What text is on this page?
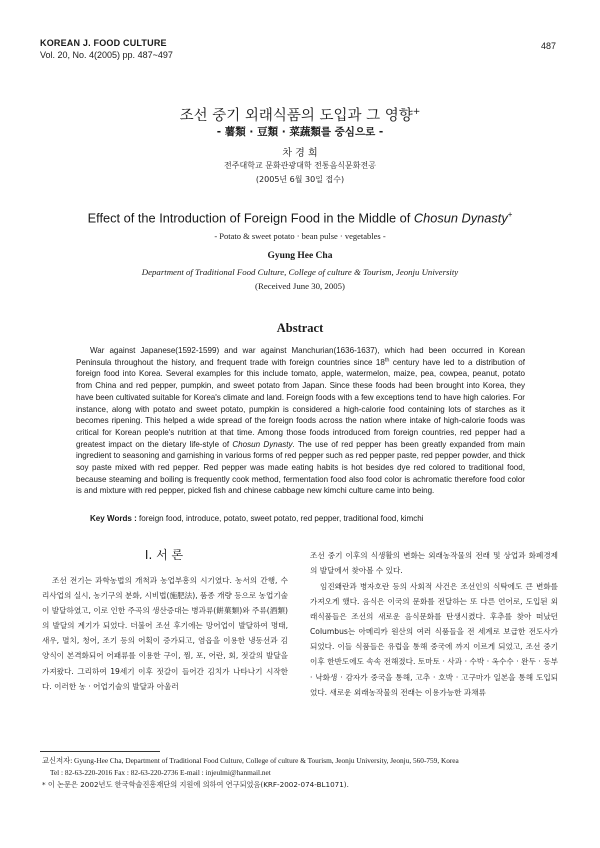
KOREAN J. FOOD CULTURE
Vol. 20, No. 4(2005) pp. 487~497
487
조선 중기 외래식품의 도입과 그 영향+
- 薯類 · 豆類 · 菜蔬類를 중심으로 -
차 경 희
전주대학교 문화관광대학 전통음식문화전공
(2005년 6월 30일 접수)
Effect of the Introduction of Foreign Food in the Middle of Chosun Dynasty+
- Potato & sweet potato · bean pulse · vegetables -
Gyung Hee Cha
Department of Traditional Food Culture, College of culture & Tourism, Jeonju University
(Received June 30, 2005)
Abstract

War against Japanese(1592-1599) and war against Manchurian(1636-1637), which had been occurred in Korean Peninsula throughout the history, and frequent trade with foreign countries since 18th century have led to a distribution of foreign food into Korea. Several examples for this include tomato, apple, watermelon, maize, pea, cowpea, peanut, potato from China and red pepper, pumpkin, and sweet potato from Japan. Since these foods had been brought into Korea, they have been cultivated suitable for Korea's climate and land. Foreign foods with a few exceptions tend to have high calories. For instance, along with potato and sweet potato, pumpkin is considered a high-calorie food containing lots of starches as it becomes ripening. This helped a wide spread of the foreign foods across the nation where intake of high-calorie foods was critical for Korean people's nutrition at that time. Among those foods introduced from foreign countries, red pepper had a greatest impact on the dietary life-style of Chosun Dynasty. The use of red pepper has been greatly expanded from main ingredient to seasoning and garnishing in various forms of red pepper such as red pepper paste, red pepper powder, and thick soy paste mixed with red pepper. Red pepper was made eating habits is hot besides dye red colored to traditional food, because steaming and boiling is frequently cook method, fermentation food also food color is achromatic therefore food color is and mixture with red pepper, picked fish and chinese cabbage new kimchi culture came into being.

Key Words : foreign food, introduce, potato, sweet potato, red pepper, traditional food, kimchi
I. 서 론

조선 전기는 과학농법의 개척과 농업부흥의 시기였다. 농서의 간행, 수리사업의 실시, 농기구의 분화, 시비법(施肥法), 품종 개량 등으로 농업기술이 발달하였고, 이로 인한 주곡의 생산증대는 병과류(餠菓類)와 주류(酒類)의 발달의 계기가 되었다. 더불어 조선 후기에는 망어업이 발달하여 명태, 새우, 멸치, 청어, 조기 등의 어획이 증가되고, 염읍을 이용한 냉동선과 김 양식이 본격화되어 어패류를 이용한 구이, 찜, 포, 어란, 회, 젓갈의 발달을 가져왔다. 그리하여 19세기 이후 젓갈이 들어간 김치가 나타나기 시작한다. 이러한 농 · 어업기술의 발달과 아울러

조선 중기 이후의 식생활의 변화는 외래농작물의 전래 및 상업과 화폐경제의 발달에서 찾아볼 수 있다.

임진왜란과 병자호란 등의 사회적 사건은 조선인의 식탁에도 큰 변화를 가져오게 했다. 음식은 이국의 문화를 전달하는 또 다른 언어로, 도입된 외래식품들은 조선의 새로운 음식문화를 탄생시켰다. 후추를 찾아 떠났던 Columbus는 아메리카 원산의 여러 식품들을 전 세계로 보급한 전도사가 되었다. 이들 식품들은 유럽을 통해 중국에 까지 이르게 되었고, 조선 중기 이후 한반도에도 속속 전해졌다. 토마토 · 사과 · 수박 · 옥수수 · 완두 · 동부 · 낙화생 · 감자가 중국을 통해, 고추 · 호박 · 고구마가 일본을 통해 도입되었다. 새로운 외래농작물의 전래는 이용가능한 과채류

교신저자: Gyung-Hee Cha, Department of Traditional Food Culture, College of culture & Tourism, Jeonju University, Jeonju, 560-759, Korea
Tel : 82-63-220-2016 Fax : 82-63-220-2736 E-mail : injeulmi@hanmail.net
* 이 논문은 2002년도 한국학술진흥재단의 지원에 의하여 연구되었음(KRF-2002-074-BL1071).
